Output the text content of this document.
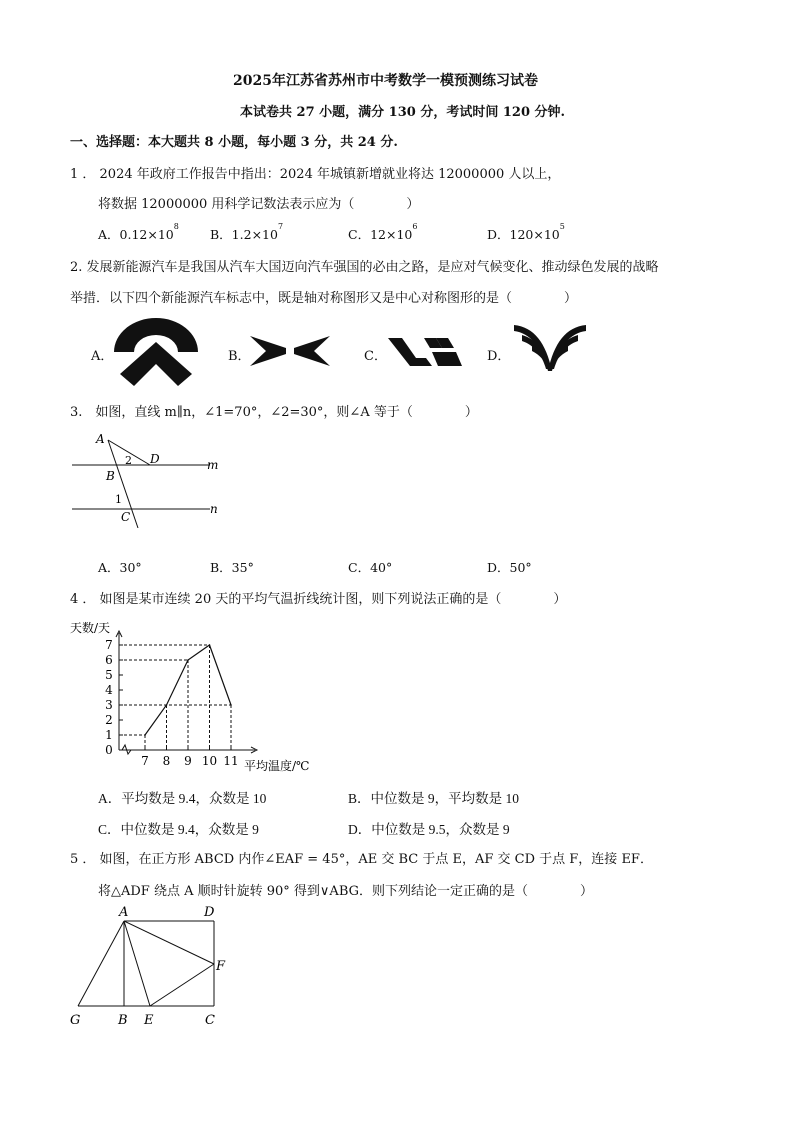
2025年江苏省苏州市中考数学一模预测练习试卷
本试卷共 27 小题，满分 130 分，考试时间 120 分钟.
一、选择题：本大题共 8 小题，每小题 3 分，共 24 分.
1 ． 2024 年政府工作报告中指出：2024 年城镇新增就业将达 12000000 人以上，
将数据 12000000 用科学记数法表示应为（　　　　）
A．$0.12\times 10^8$
B．$1.2\times 10^7$
C．$12\times 10^6$
D．$120\times 10^5$
2. 发展新能源汽车是我国从汽车大国迈向汽车强国的必由之路，是应对气候变化、推动绿色发展的战略
举措．以下四个新能源汽车标志中，既是轴对称图形又是中心对称图形的是（　　　　）
A．	B．	C．	D．
3.　如图，直线 m∥n，∠1=70°，∠2=30°，则∠A 等于（　　　　）
A
D
2
B
1
C
m
n
A．30°	B．35°	C．40°	D．50°
4 ． 如图是某市连续 20 天的平均气温折线统计图，则下列说法正确的是（　　　　）
天数/天
平均温度/℃
0
1
2
3
4
5
6
7
7 8 9 10 11
A．平均数是 9.4，众数是 10	B．中位数是 9，平均数是 10
C．中位数是 9.4，众数是 9	D．中位数是 9.5，众数是 9
5 ． 如图，在正方形 ABCD 内作∠EAF = 45°，AE 交 BC 于点 E，AF 交 CD 于点 F，连接 EF．
将△ADF 绕点 A 顺时针旋转 90° 得到∨ABG．则下列结论一定正确的是（　　　　）
A	D
F
G	B E	C
